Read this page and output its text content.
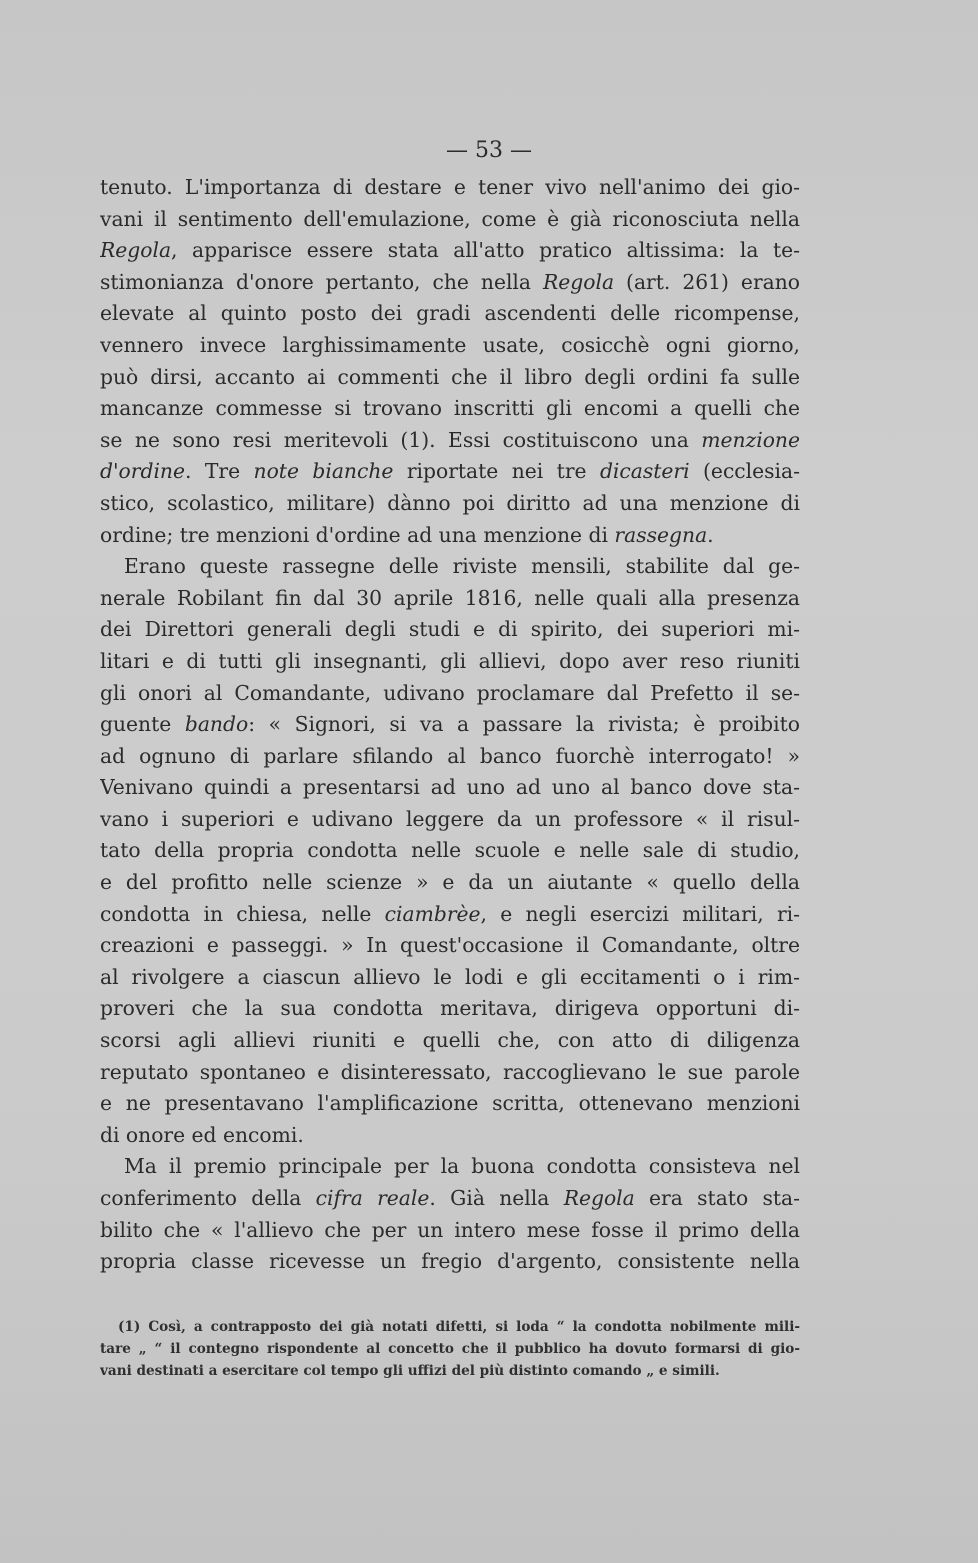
— 53 —
tenuto. L'importanza di destare e tener vivo nell'animo dei gio-
vani il sentimento dell'emulazione, come è già riconosciuta nella
Regola, apparisce essere stata all'atto pratico altissima: la te-
stimonianza d'onore pertanto, che nella Regola (art. 261) erano
elevate al quinto posto dei gradi ascendenti delle ricompense,
vennero invece larghissimamente usate, cosicchè ogni giorno,
può dirsi, accanto ai commenti che il libro degli ordini fa sulle
mancanze commesse si trovano inscritti gli encomi a quelli che
se ne sono resi meritevoli (1). Essi costituiscono una menzione
d'ordine. Tre note bianche riportate nei tre dicasteri (ecclesia-
stico, scolastico, militare) dànno poi diritto ad una menzione di
ordine; tre menzioni d'ordine ad una menzione di rassegna.
Erano queste rassegne delle riviste mensili, stabilite dal ge-
nerale Robilant fin dal 30 aprile 1816, nelle quali alla presenza
dei Direttori generali degli studi e di spirito, dei superiori mi-
litari e di tutti gli insegnanti, gli allievi, dopo aver reso riuniti
gli onori al Comandante, udivano proclamare dal Prefetto il se-
guente bando: « Signori, si va a passare la rivista; è proibito
ad ognuno di parlare sfilando al banco fuorchè interrogato! »
Venivano quindi a presentarsi ad uno ad uno al banco dove sta-
vano i superiori e udivano leggere da un professore « il risul-
tato della propria condotta nelle scuole e nelle sale di studio,
e del profitto nelle scienze » e da un aiutante « quello della
condotta in chiesa, nelle ciambrèe, e negli esercizi militari, ri-
creazioni e passeggi. » In quest'occasione il Comandante, oltre
al rivolgere a ciascun allievo le lodi e gli eccitamenti o i rim-
proveri che la sua condotta meritava, dirigeva opportuni di-
scorsi agli allievi riuniti e quelli che, con atto di diligenza
reputato spontaneo e disinteressato, raccoglievano le sue parole
e ne presentavano l'amplificazione scritta, ottenevano menzioni
di onore ed encomi.
Ma il premio principale per la buona condotta consisteva nel
conferimento della cifra reale. Già nella Regola era stato sta-
bilito che « l'allievo che per un intero mese fosse il primo della
propria classe ricevesse un fregio d'argento, consistente nella
(1) Così, a contrapposto dei già notati difetti, si loda “ la condotta nobilmente mili-
tare „ “ il contegno rispondente al concetto che il pubblico ha dovuto formarsi di gio-
vani destinati a esercitare col tempo gli uffizi del più distinto comando „ e simili.
